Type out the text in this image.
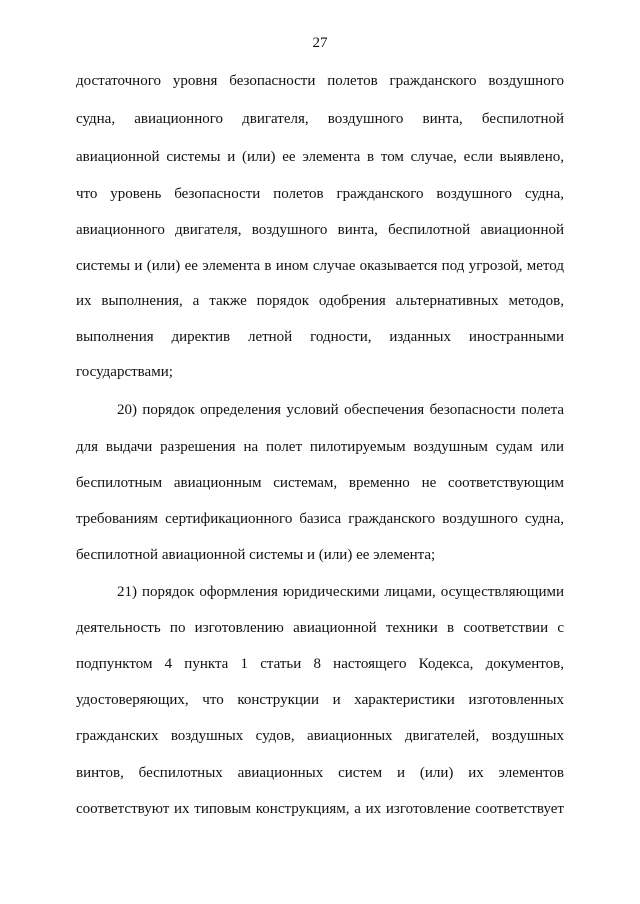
27
достаточного уровня безопасности полетов гражданского воздушного
судна, авиационного двигателя, воздушного винта, беспилотной
авиационной системы и (или) ее элемента в том случае, если выявлено,
что уровень безопасности полетов гражданского воздушного судна,
авиационного двигателя, воздушного винта, беспилотной авиационной
системы и (или) ее элемента в ином случае оказывается под угрозой, метод
их выполнения, а также порядок одобрения альтернативных методов,
выполнения директив летной годности, изданных иностранными
государствами;
20) порядок определения условий обеспечения безопасности полета
для выдачи разрешения на полет пилотируемым воздушным судам или
беспилотным авиационным системам, временно не соответствующим
требованиям сертификационного базиса гражданского воздушного судна,
беспилотной авиационной системы и (или) ее элемента;
21) порядок оформления юридическими лицами, осуществляющими
деятельность по изготовлению авиационной техники в соответствии с
подпунктом 4 пункта 1 статьи 8 настоящего Кодекса, документов,
удостоверяющих, что конструкции и характеристики изготовленных
гражданских воздушных судов, авиационных двигателей, воздушных
винтов, беспилотных авиационных систем и (или) их элементов
соответствуют их типовым конструкциям, а их изготовление соответствует
